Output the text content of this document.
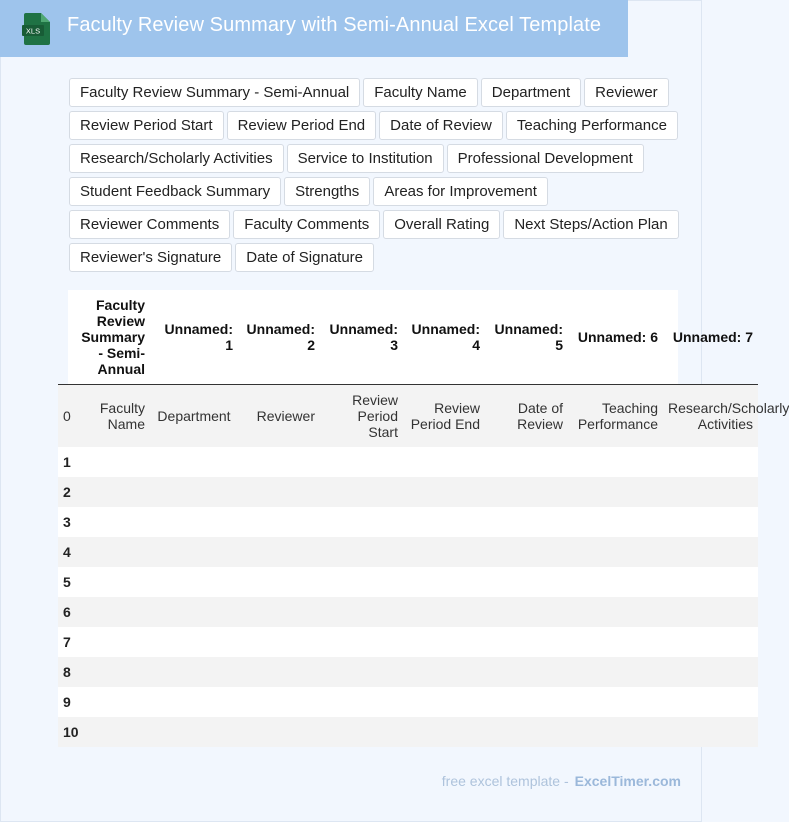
XLS Faculty Review Summary with Semi-Annual Excel Template
Faculty Review Summary - Semi-Annual	Faculty Name	Department	Reviewer
Review Period Start	Review Period End	Date of Review	Teaching Performance
Research/Scholarly Activities	Service to Institution	Professional Development
Student Feedback Summary	Strengths	Areas for Improvement
Reviewer Comments	Faculty Comments	Overall Rating	Next Steps/Action Plan
Reviewer's Signature	Date of Signature
	Faculty Review Summary - Semi-Annual	Unnamed: 1	Unnamed: 2	Unnamed: 3	Unnamed: 4	Unnamed: 5	Unnamed: 6	Unnamed: 7
0	Faculty Name	Department	Reviewer	Review Period Start	Review Period End	Date of Review	Teaching Performance	Research/Scholarly Activities
1								
2								
3								
4								
5								
6								
7								
8								
9								
10								
free excel template - ExcelTimer.com
